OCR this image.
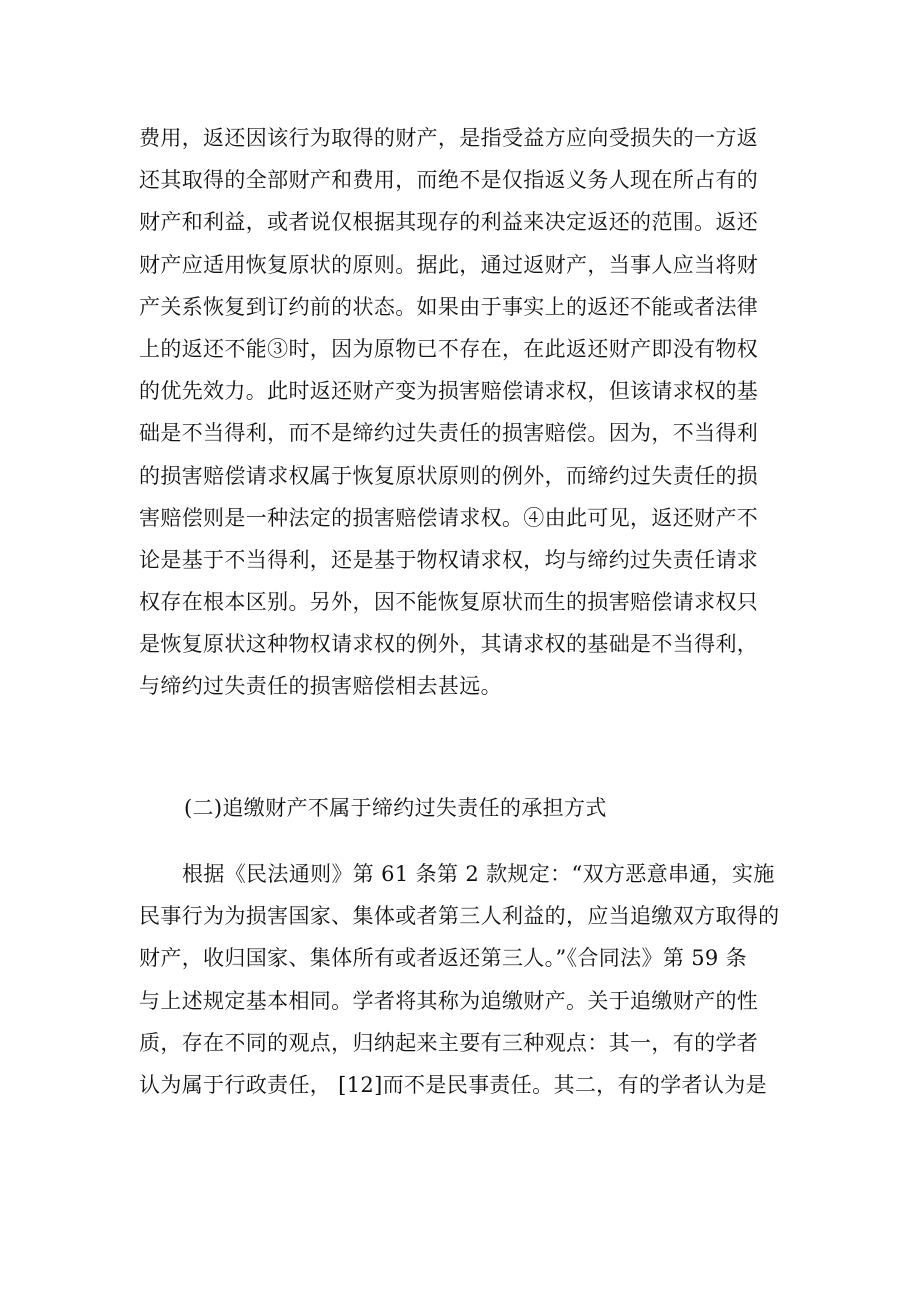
费用，返还因该行为取得的财产，是指受益方应向受损失的一方返
还其取得的全部财产和费用，而绝不是仅指返义务人现在所占有的
财产和利益，或者说仅根据其现存的利益来决定返还的范围。返还
财产应适用恢复原状的原则。据此，通过返财产，当事人应当将财
产关系恢复到订约前的状态。如果由于事实上的返还不能或者法律
上的返还不能③时，因为原物已不存在，在此返还财产即没有物权
的优先效力。此时返还财产变为损害赔偿请求权，但该请求权的基
础是不当得利，而不是缔约过失责任的损害赔偿。因为，不当得利
的损害赔偿请求权属于恢复原状原则的例外，而缔约过失责任的损
害赔偿则是一种法定的损害赔偿请求权。④由此可见，返还财产不
论是基于不当得利，还是基于物权请求权，均与缔约过失责任请求
权存在根本区别。另外，因不能恢复原状而生的损害赔偿请求权只
是恢复原状这种物权请求权的例外，其请求权的基础是不当得利，
与缔约过失责任的损害赔偿相去甚远。
(二)追缴财产不属于缔约过失责任的承担方式
根据《民法通则》第 61 条第 2 款规定：“双方恶意串通，实施
民事行为为损害国家、集体或者第三人利益的，应当追缴双方取得的
财产，收归国家、集体所有或者返还第三人。”《合同法》第 59 条
与上述规定基本相同。学者将其称为追缴财产。关于追缴财产的性
质，存在不同的观点，归纳起来主要有三种观点：其一，有的学者
认为属于行政责任， [12]而不是民事责任。其二，有的学者认为是
